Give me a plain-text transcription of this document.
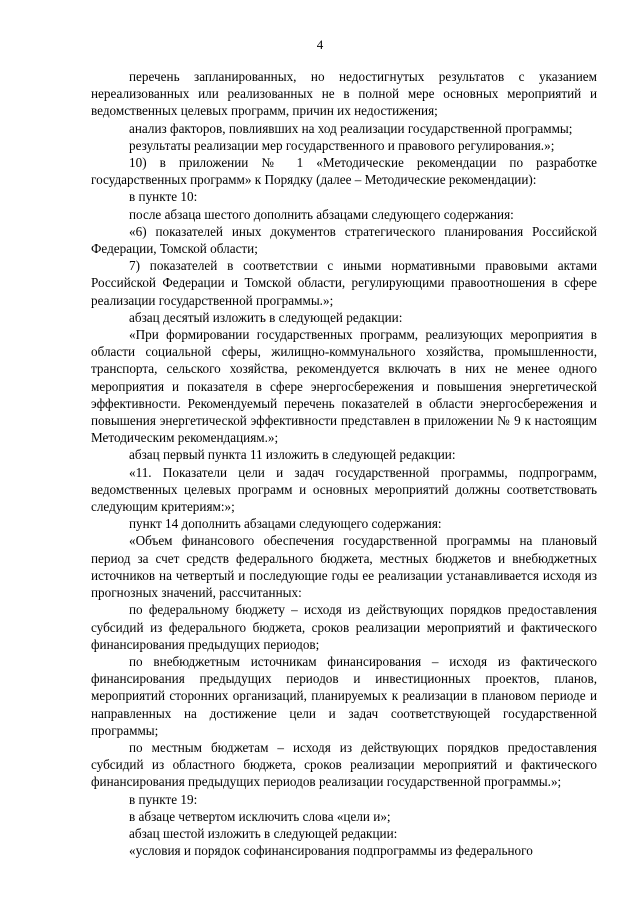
4

перечень запланированных, но недостигнутых результатов с указанием нереализованных или реализованных не в полной мере основных мероприятий и ведомственных целевых программ, причин их недостижения;

анализ факторов, повлиявших на ход реализации государственной программы;

результаты реализации мер государственного и правового регулирования.»;

10) в приложении № 1 «Методические рекомендации по разработке государственных программ» к Порядку (далее – Методические рекомендации):

в пункте 10:

после абзаца шестого дополнить абзацами следующего содержания:

«6) показателей иных документов стратегического планирования Российской Федерации, Томской области;

7) показателей в соответствии с иными нормативными правовыми актами Российской Федерации и Томской области, регулирующими правоотношения в сфере реализации государственной программы.»;

абзац десятый изложить в следующей редакции:

«При формировании государственных программ, реализующих мероприятия в области социальной сферы, жилищно-коммунального хозяйства, промышленности, транспорта, сельского хозяйства, рекомендуется включать в них не менее одного мероприятия и показателя в сфере энергосбережения и повышения энергетической эффективности. Рекомендуемый перечень показателей в области энергосбережения и повышения энергетической эффективности представлен в приложении № 9 к настоящим Методическим рекомендациям.»;

абзац первый пункта 11 изложить в следующей редакции:

«11. Показатели цели и задач государственной программы, подпрограмм, ведомственных целевых программ и основных мероприятий должны соответствовать следующим критериям:»;

пункт 14 дополнить абзацами следующего содержания:

«Объем финансового обеспечения государственной программы на плановый период за счет средств федерального бюджета, местных бюджетов и внебюджетных источников на четвертый и последующие годы ее реализации устанавливается исходя из прогнозных значений, рассчитанных:

по федеральному бюджету – исходя из действующих порядков предоставления субсидий из федерального бюджета, сроков реализации мероприятий и фактического финансирования предыдущих периодов;

по внебюджетным источникам финансирования – исходя из фактического финансирования предыдущих периодов и инвестиционных проектов, планов, мероприятий сторонних организаций, планируемых к реализации в плановом периоде и направленных на достижение цели и задач соответствующей государственной программы;

по местным бюджетам – исходя из действующих порядков предоставления субсидий из областного бюджета, сроков реализации мероприятий и фактического финансирования предыдущих периодов реализации государственной программы.»;

в пункте 19:

в абзаце четвертом исключить слова «цели и»;

абзац шестой изложить в следующей редакции:

«условия и порядок софинансирования подпрограммы из федерального
